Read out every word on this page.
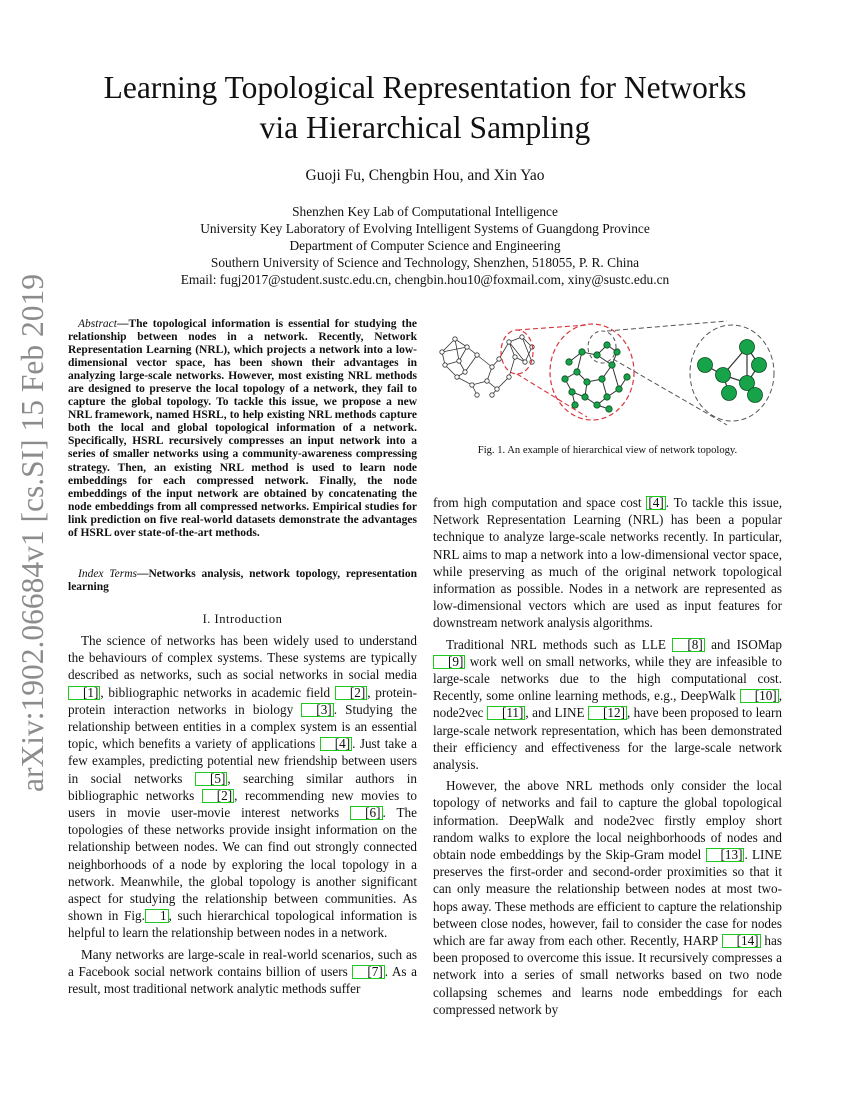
arXiv:1902.06684v1 [cs.SI] 15 Feb 2019
Learning Topological Representation for Networks
via Hierarchical Sampling
Guoji Fu, Chengbin Hou, and Xin Yao
Shenzhen Key Lab of Computational Intelligence
University Key Laboratory of Evolving Intelligent Systems of Guangdong Province
Department of Computer Science and Engineering
Southern University of Science and Technology, Shenzhen, 518055, P. R. China
Email: fugj2017@student.sustc.edu.cn, chengbin.hou10@foxmail.com, xiny@sustc.edu.cn

Abstract—The topological information is essential for studying the relationship between nodes in a network. Recently, Network Representation Learning (NRL), which projects a network into a low-dimensional vector space, has been shown their advantages in analyzing large-scale networks. However, most existing NRL methods are designed to preserve the local topology of a network, they fail to capture the global topology. To tackle this issue, we propose a new NRL framework, named HSRL, to help existing NRL methods capture both the local and global topological information of a network. Specifically, HSRL recursively compresses an input network into a series of smaller networks using a community-awareness compressing strategy. Then, an existing NRL method is used to learn node embeddings for each compressed network. Finally, the node embeddings of the input network are obtained by concatenating the node embeddings from all compressed networks. Empirical studies for link prediction on five real-world datasets demonstrate the advantages of HSRL over state-of-the-art methods.

Index Terms—Networks analysis, network topology, representation learning
I. Introduction

The science of networks has been widely used to understand the behaviours of complex systems. These systems are typically described as networks, such as social networks in social media [1] , bibliographic networks in academic field [2] , protein-protein interaction networks in biology [3] . Studying the relationship between entities in a complex system is an essential topic, which benefits a variety of applications [4] . Just take a few examples, predicting potential new friendship between users in social networks [5] , searching similar authors in bibliographic networks [2] , recommending new movies to users in movie user-movie interest networks [6] . The topologies of these networks provide insight information on the relationship between nodes. We can find out strongly connected neighborhoods of a node by exploring the local topology in a network. Meanwhile, the global topology is another significant aspect for studying the relationship between communities. As shown in Fig. 1 , such hierarchical topological information is helpful to learn the relationship between nodes in a network.

Many networks are large-scale in real-world scenarios, such as a Facebook social network contains billion of users [7] . As a result, most traditional network analytic methods suffer

Fig. 1. An example of hierarchical view of network topology.

from high computation and space cost [4] . To tackle this issue, Network Representation Learning (NRL) has been a popular technique to analyze large-scale networks recently. In particular, NRL aims to map a network into a low-dimensional vector space, while preserving as much of the original network topological information as possible. Nodes in a network are represented as low-dimensional vectors which are used as input features for downstream network analysis algorithms.

Traditional NRL methods such as LLE [8] and ISOMap [9] work well on small networks, while they are infeasible to large-scale networks due to the high computational cost. Recently, some online learning methods, e.g., DeepWalk [10] , node2vec [11] , and LINE [12] , have been proposed to learn large-scale network representation, which has been demonstrated their efficiency and effectiveness for the large-scale network analysis.

However, the above NRL methods only consider the local topology of networks and fail to capture the global topological information. DeepWalk and node2vec firstly employ short random walks to explore the local neighborhoods of nodes and obtain node embeddings by the Skip-Gram model [13] . LINE preserves the first-order and second-order proximities so that it can only measure the relationship between nodes at most two-hops away. These methods are efficient to capture the relationship between close nodes, however, fail to consider the case for nodes which are far away from each other. Recently, HARP [14] has been proposed to overcome this issue. It recursively compresses a network into a series of small networks based on two node collapsing schemes and learns node embeddings for each compressed network by
